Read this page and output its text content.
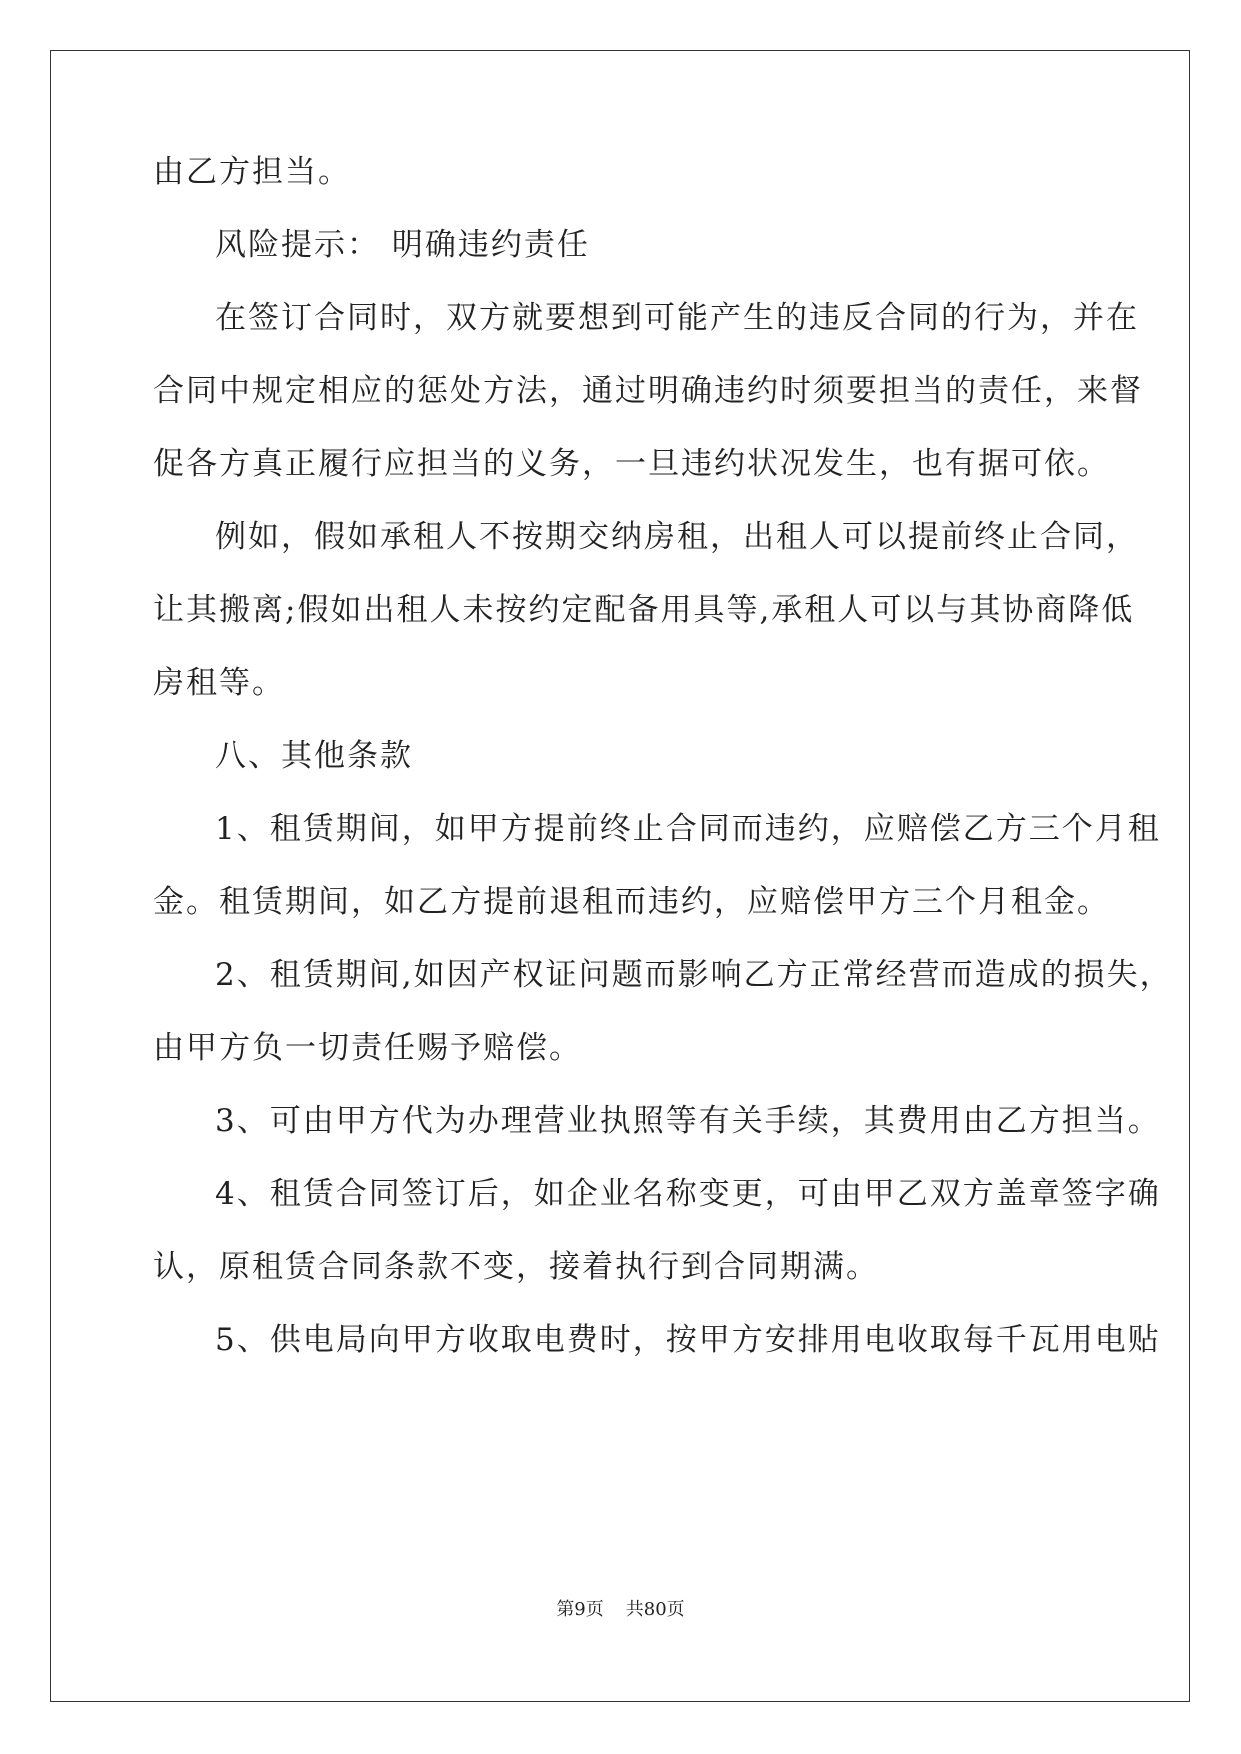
由乙方担当。
风险提示： 明确违约责任
在签订合同时，双方就要想到可能产生的违反合同的行为，并在
合同中规定相应的惩处方法，通过明确违约时须要担当的责任，来督
促各方真正履行应担当的义务，一旦违约状况发生，也有据可依。
例如，假如承租人不按期交纳房租，出租人可以提前终止合同，
让其搬离;假如出租人未按约定配备用具等,承租人可以与其协商降低
房租等。
八、其他条款
1、租赁期间，如甲方提前终止合同而违约，应赔偿乙方三个月租
金。租赁期间，如乙方提前退租而违约，应赔偿甲方三个月租金。
2、租赁期间,如因产权证问题而影响乙方正常经营而造成的损失，
由甲方负一切责任赐予赔偿。
3、可由甲方代为办理营业执照等有关手续，其费用由乙方担当。
4、租赁合同签订后，如企业名称变更，可由甲乙双方盖章签字确
认，原租赁合同条款不变，接着执行到合同期满。
5、供电局向甲方收取电费时，按甲方安排用电收取每千瓦用电贴
第9页 共80页
